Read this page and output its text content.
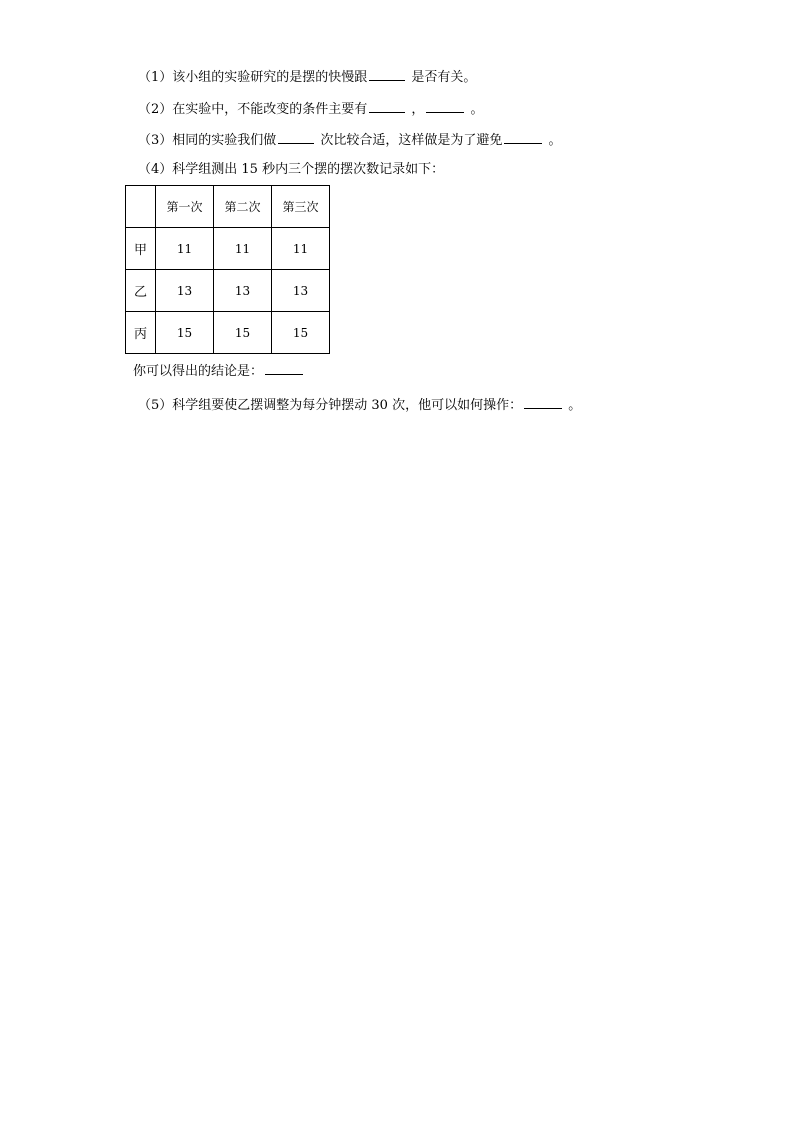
（1）该小组的实验研究的是摆的快慢跟	是否有关。
（2）在实验中，不能改变的条件主要有	，	。
（3）相同的实验我们做	次比较合适，这样做是为了避免	。
（4）科学组测出 15 秒内三个摆的摆次数记录如下：
	第一次	第二次	第三次
甲	11	11	11
乙	13	13	13
丙	15	15	15
你可以得出的结论是：
（5）科学组要使乙摆调整为每分钟摆动 30 次，他可以如何操作：	。
